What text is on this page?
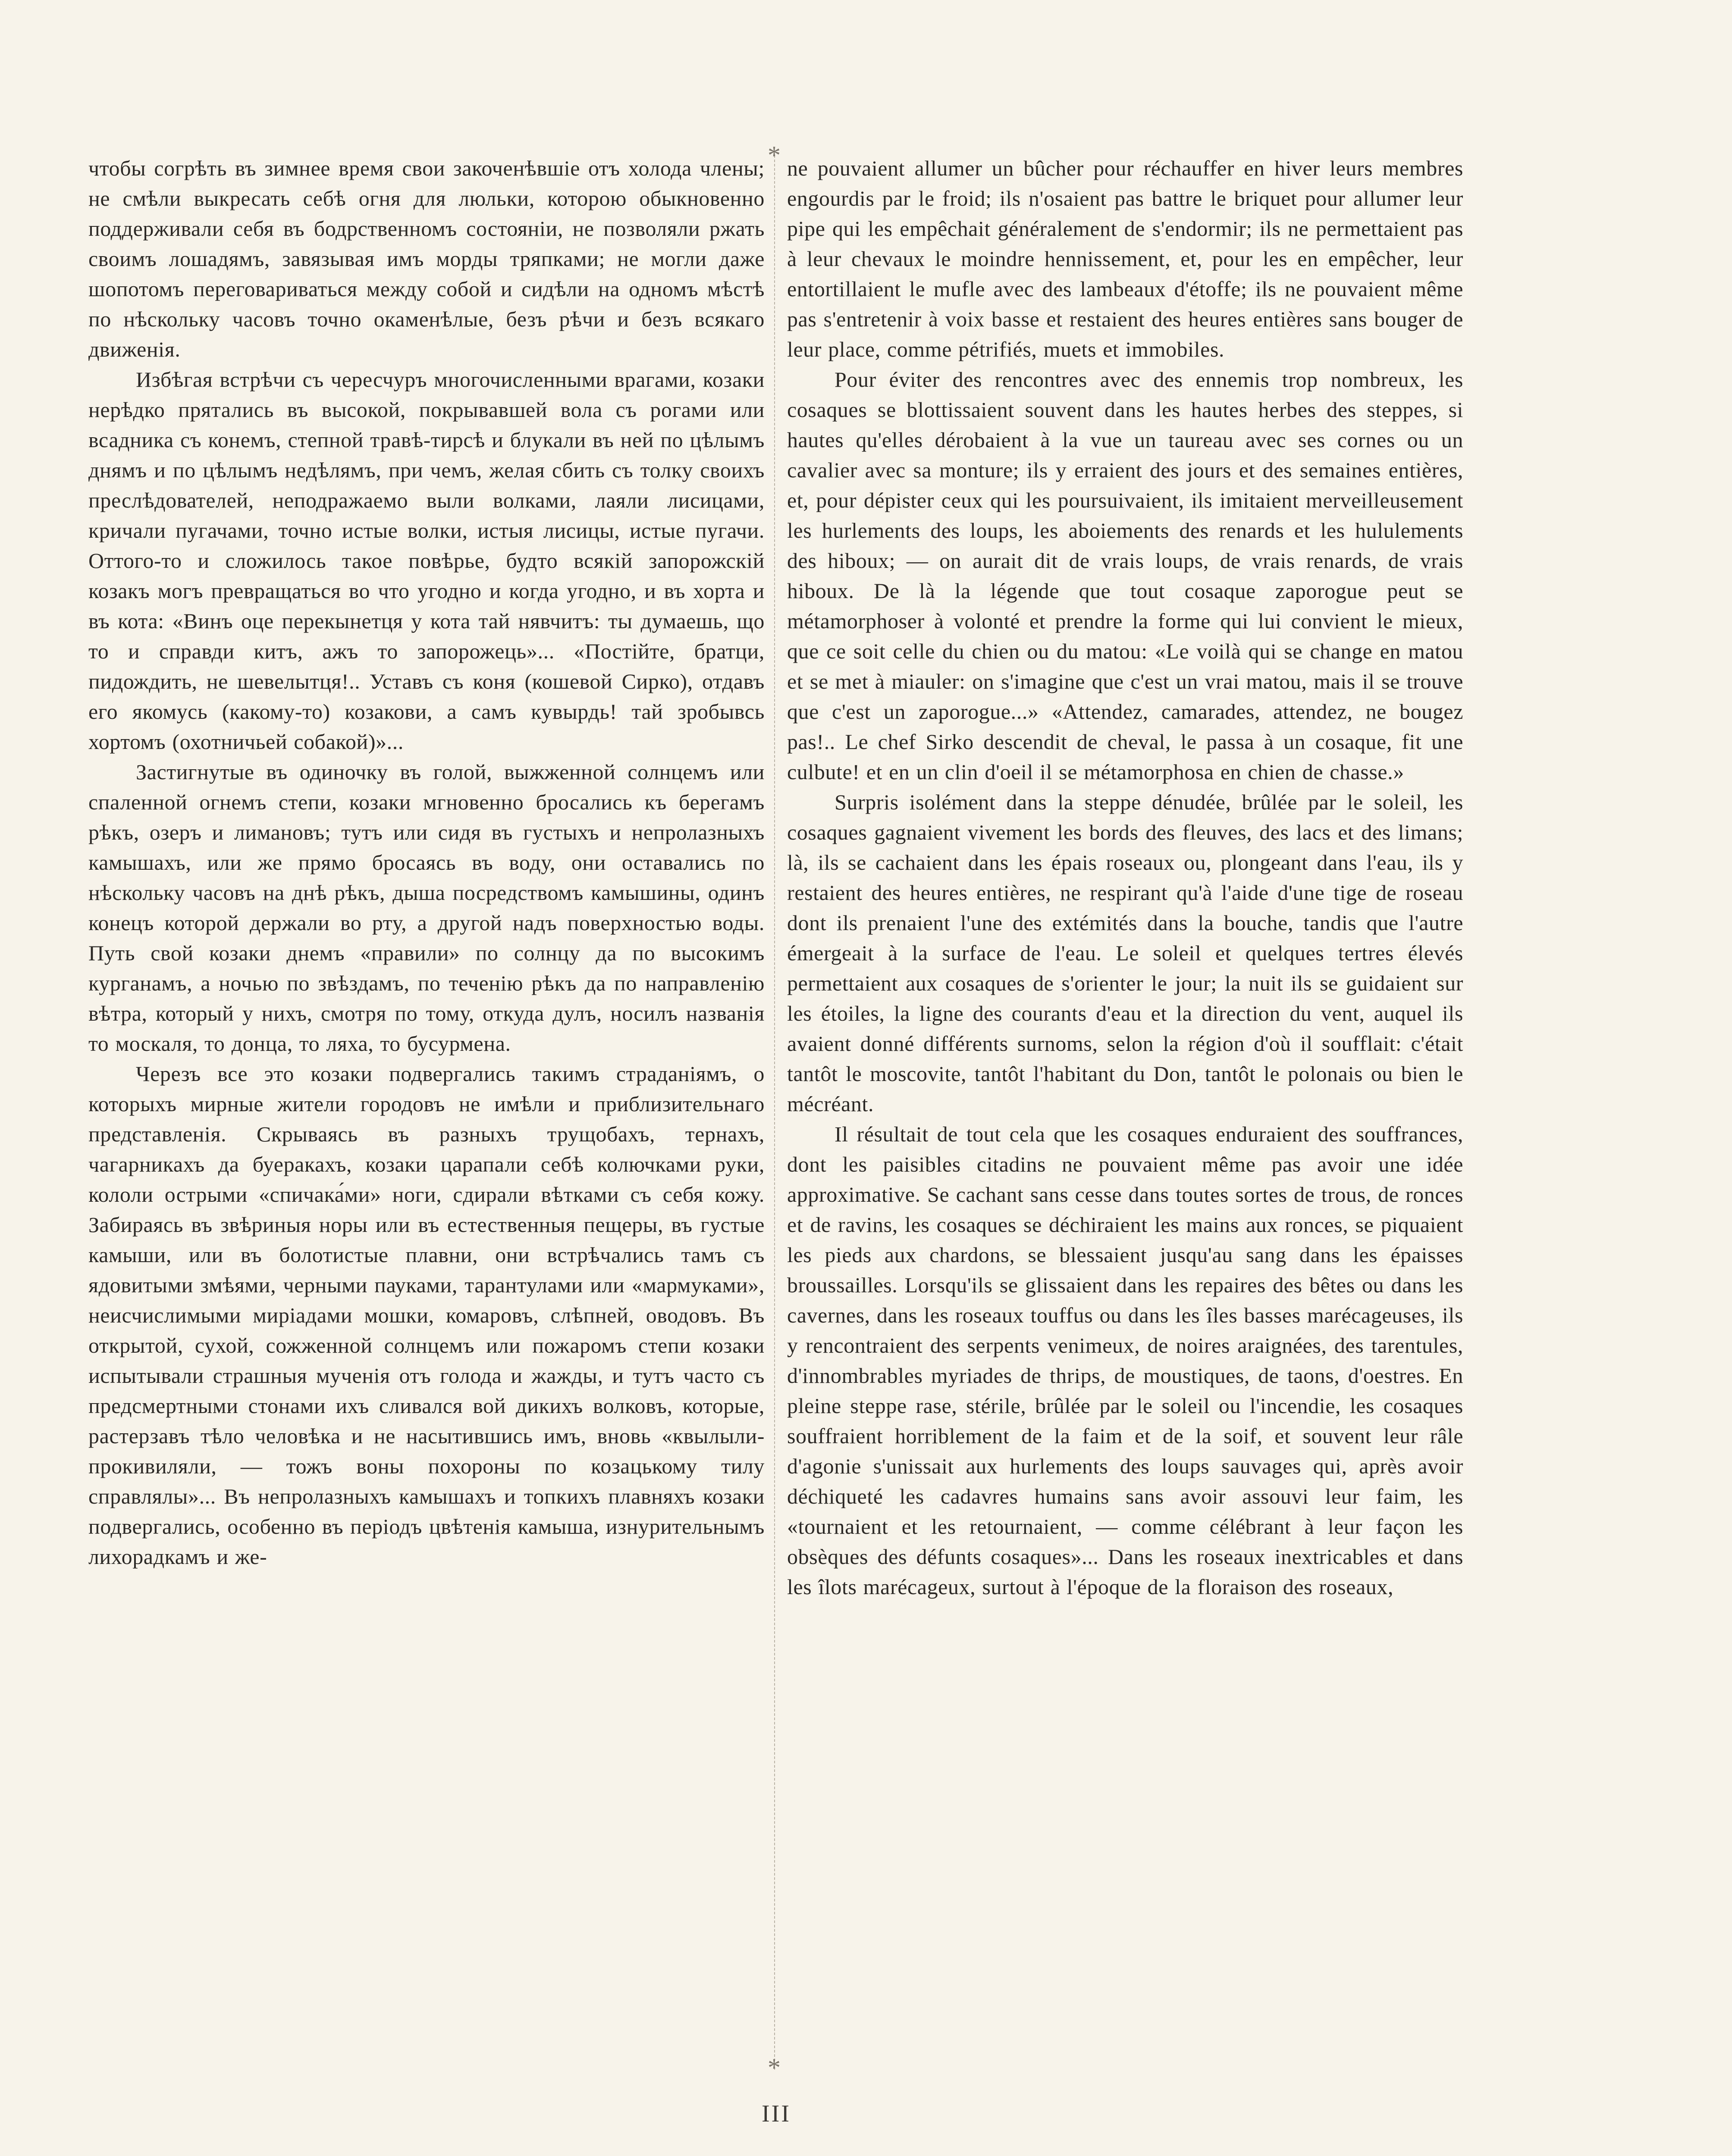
чтобы согрѣть въ зимнее время свои закоченѣвшіе отъ холода члены; не смѣли выкресать себѣ огня для люльки, которою обыкновенно поддерживали себя въ бодрственномъ состояніи, не позволяли ржать своимъ лошадямъ, завязывая имъ морды тряпками; не могли даже шопотомъ переговариваться между собой и сидѣли на одномъ мѣстѣ по нѣскольку часовъ точно окаменѣлые, безъ рѣчи и безъ всякаго движенія.

Избѣгая встрѣчи съ чересчуръ многочисленными врагами, козаки нерѣдко прятались въ высокой, покрывавшей вола съ рогами или всадника съ конемъ, степной травѣ-тирсѣ и блукали въ ней по цѣлымъ днямъ и по цѣлымъ недѣлямъ, при чемъ, желая сбить съ толку своихъ преслѣдователей, неподражаемо выли волками, лаяли лисицами, кричали пугачами, точно истые волки, истыя лисицы, истые пугачи. Оттого-то и сложилось такое повѣрье, будто всякій запорожскій козакъ могъ превращаться во что угодно и когда угодно, и въ хорта и въ кота: «Винъ оце перекынетця у кота тай нявчитъ: ты думаешь, що то и справди китъ, ажъ то запорожець»... «Постійте, братци, пидождить, не шевелытця!.. Уставъ съ коня (кошевой Сирко), отдавъ его якомусь (какому-то) козакови, а самъ кувырдь! тай зробывсь хортомъ (охотничьей собакой)»...

Застигнутые въ одиночку въ голой, выжженной солнцемъ или спаленной огнемъ степи, козаки мгновенно бросались къ берегамъ рѣкъ, озеръ и лимановъ; тутъ или сидя въ густыхъ и непролазныхъ камышахъ, или же прямо бросаясь въ воду, они оставались по нѣскольку часовъ на днѣ рѣкъ, дыша посредствомъ камышины, одинъ конецъ которой держали во рту, а другой надъ поверхностью воды. Путь свой козаки днемъ «правили» по солнцу да по высокимъ курганамъ, а ночью по звѣздамъ, по теченію рѣкъ да по направленію вѣтра, который у нихъ, смотря по тому, откуда дулъ, носилъ названія то москаля, то донца, то ляха, то бусурмена.

Черезъ все это козаки подвергались такимъ страданіямъ, о которыхъ мирные жители городовъ не имѣли и приблизительнаго представленія. Скрываясь въ разныхъ трущобахъ, тернахъ, чагарникахъ да буеракахъ, козаки царапали себѣ колючками руки, кололи острыми «спичака́ми» ноги, сдирали вѣтками съ себя кожу. Забираясь въ звѣриныя норы или въ естественныя пещеры, въ густые камыши, или въ болотистые плавни, они встрѣчались тамъ съ ядовитыми змѣями, черными пауками, тарантулами или «мармуками», неисчислимыми миріадами мошки, комаровъ, слѣпней, оводовъ. Въ открытой, сухой, сожженной солнцемъ или пожаромъ степи козаки испытывали страшныя мученія отъ голода и жажды, и тутъ часто съ предсмертными стонами ихъ сливался вой дикихъ волковъ, которые, растерзавъ тѣло человѣка и не насытившись имъ, вновь «квылыли-прокивиляли, — тожъ воны похороны по козацькому тилу справлялы»... Въ непролазныхъ камышахъ и топкихъ плавняхъ козаки подвергались, особенно въ періодъ цвѣтенія камыша, изнурительнымъ лихорадкамъ и же-

*
*

ne pouvaient allumer un bûcher pour réchauffer en hiver leurs membres engourdis par le froid; ils n'osaient pas battre le briquet pour allumer leur pipe qui les empêchait généralement de s'endormir; ils ne permettaient pas à leur chevaux le moindre hennissement, et, pour les en empêcher, leur entortillaient le mufle avec des lambeaux d'étoffe; ils ne pouvaient même pas s'entretenir à voix basse et restaient des heures entières sans bouger de leur place, comme pétrifiés, muets et immobiles.

Pour éviter des rencontres avec des ennemis trop nombreux, les cosaques se blottissaient souvent dans les hautes herbes des steppes, si hautes qu'elles dérobaient à la vue un taureau avec ses cornes ou un cavalier avec sa monture; ils y erraient des jours et des semaines entières, et, pour dépister ceux qui les poursuivaient, ils imitaient merveilleusement les hurlements des loups, les aboiements des renards et les hululements des hiboux; — on aurait dit de vrais loups, de vrais renards, de vrais hiboux. De là la légende que tout cosaque zaporogue peut se métamorphoser à volonté et prendre la forme qui lui convient le mieux, que ce soit celle du chien ou du matou: «Le voilà qui se change en matou et se met à miauler: on s'imagine que c'est un vrai matou, mais il se trouve que c'est un zaporogue...» «Attendez, camarades, attendez, ne bougez pas!.. Le chef Sirko descendit de cheval, le passa à un cosaque, fit une culbute! et en un clin d'oeil il se métamorphosa en chien de chasse.»

Surpris isolément dans la steppe dénudée, brûlée par le soleil, les cosaques gagnaient vivement les bords des fleuves, des lacs et des limans; là, ils se cachaient dans les épais roseaux ou, plongeant dans l'eau, ils y restaient des heures entières, ne respirant qu'à l'aide d'une tige de roseau dont ils prenaient l'une des extémités dans la bouche, tandis que l'autre émergeait à la surface de l'eau. Le soleil et quelques tertres élevés permettaient aux cosaques de s'orienter le jour; la nuit ils se guidaient sur les étoiles, la ligne des courants d'eau et la direction du vent, auquel ils avaient donné différents surnoms, selon la région d'où il soufflait: c'était tantôt le moscovite, tantôt l'habitant du Don, tantôt le polonais ou bien le mécréant.

Il résultait de tout cela que les cosaques enduraient des souffrances, dont les paisibles citadins ne pouvaient même pas avoir une idée approximative. Se cachant sans cesse dans toutes sortes de trous, de ronces et de ravins, les cosaques se déchiraient les mains aux ronces, se piquaient les pieds aux chardons, se blessaient jusqu'au sang dans les épaisses broussailles. Lorsqu'ils se glissaient dans les repaires des bêtes ou dans les cavernes, dans les roseaux touffus ou dans les îles basses marécageuses, ils y rencontraient des serpents venimeux, de noires araignées, des tarentules, d'innombrables myriades de thrips, de moustiques, de taons, d'oestres. En pleine steppe rase, stérile, brûlée par le soleil ou l'incendie, les cosaques souffraient horriblement de la faim et de la soif, et souvent leur râle d'agonie s'unissait aux hurlements des loups sauvages qui, après avoir déchiqueté les cadavres humains sans avoir assouvi leur faim, les «tournaient et les retournaient, — comme célébrant à leur façon les obsèques des défunts cosaques»... Dans les roseaux inextricables et dans les îlots marécageux, surtout à l'époque de la floraison des roseaux,

III
